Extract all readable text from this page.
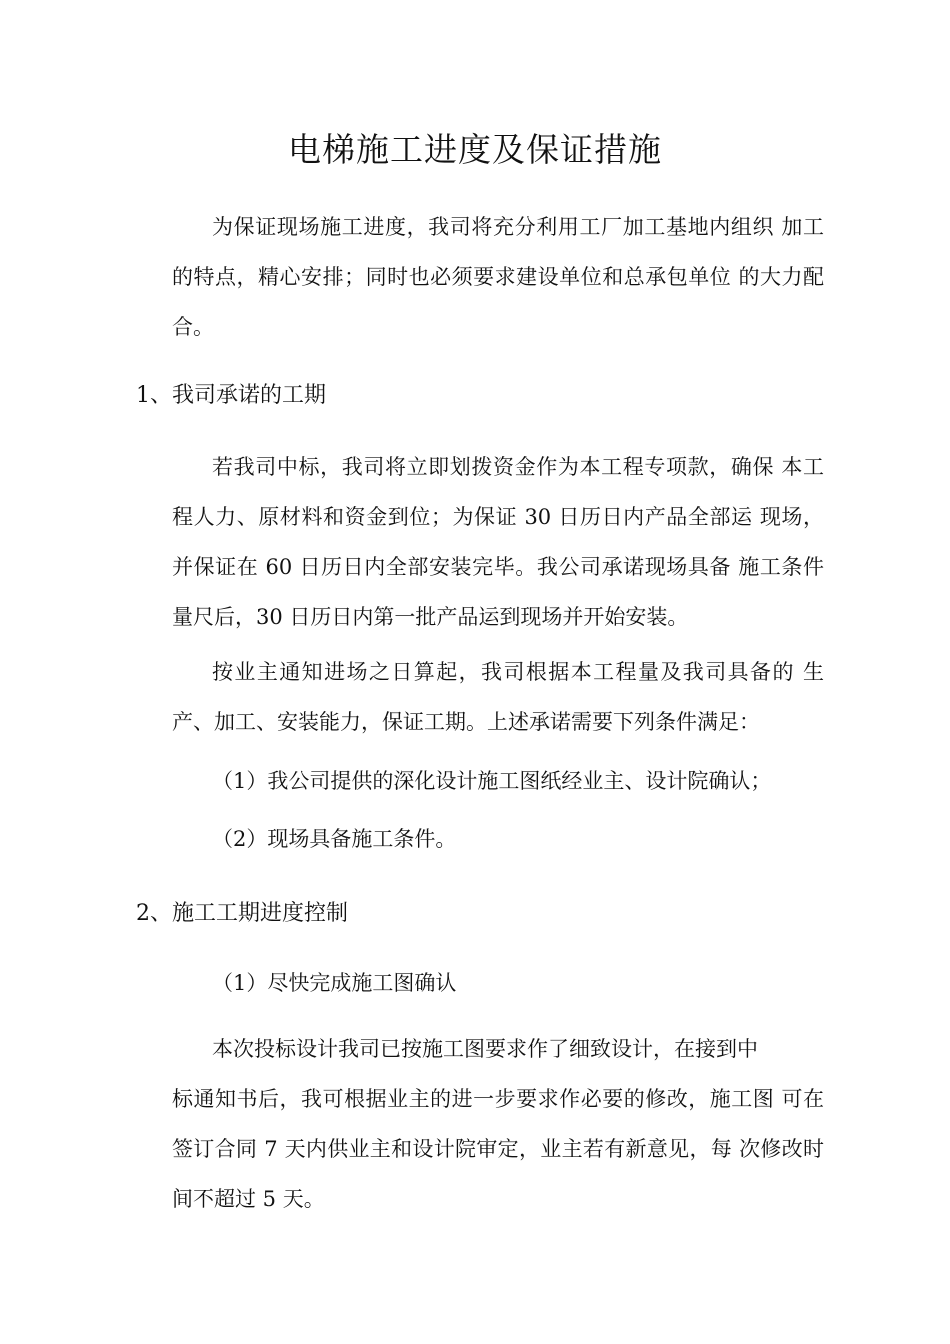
电梯施工进度及保证措施
为保证现场施工进度，我司将充分利用工厂加工基地内组织 加工
的特点，精心安排；同时也必须要求建设单位和总承包单位 的大力配
合。
1、我司承诺的工期
若我司中标，我司将立即划拨资金作为本工程专项款，确保 本工
程人力、原材料和资金到位；为保证 30 日历日内产品全部运 现场，
并保证在 60 日历日内全部安装完毕。我公司承诺现场具备 施工条件
量尺后，30 日历日内第一批产品运到现场并开始安装。
按业主通知进场之日算起，我司根据本工程量及我司具备的 生
产、加工、安装能力，保证工期。上述承诺需要下列条件满足：
（1）我公司提供的深化设计施工图纸经业主、设计院确认；
（2）现场具备施工条件。
2、施工工期进度控制
（1）尽快完成施工图确认
本次投标设计我司已按施工图要求作了细致设计，在接到中
标通知书后，我可根据业主的进一步要求作必要的修改，施工图 可在
签订合同 7 天内供业主和设计院审定，业主若有新意见，每 次修改时
间不超过 5 天。
